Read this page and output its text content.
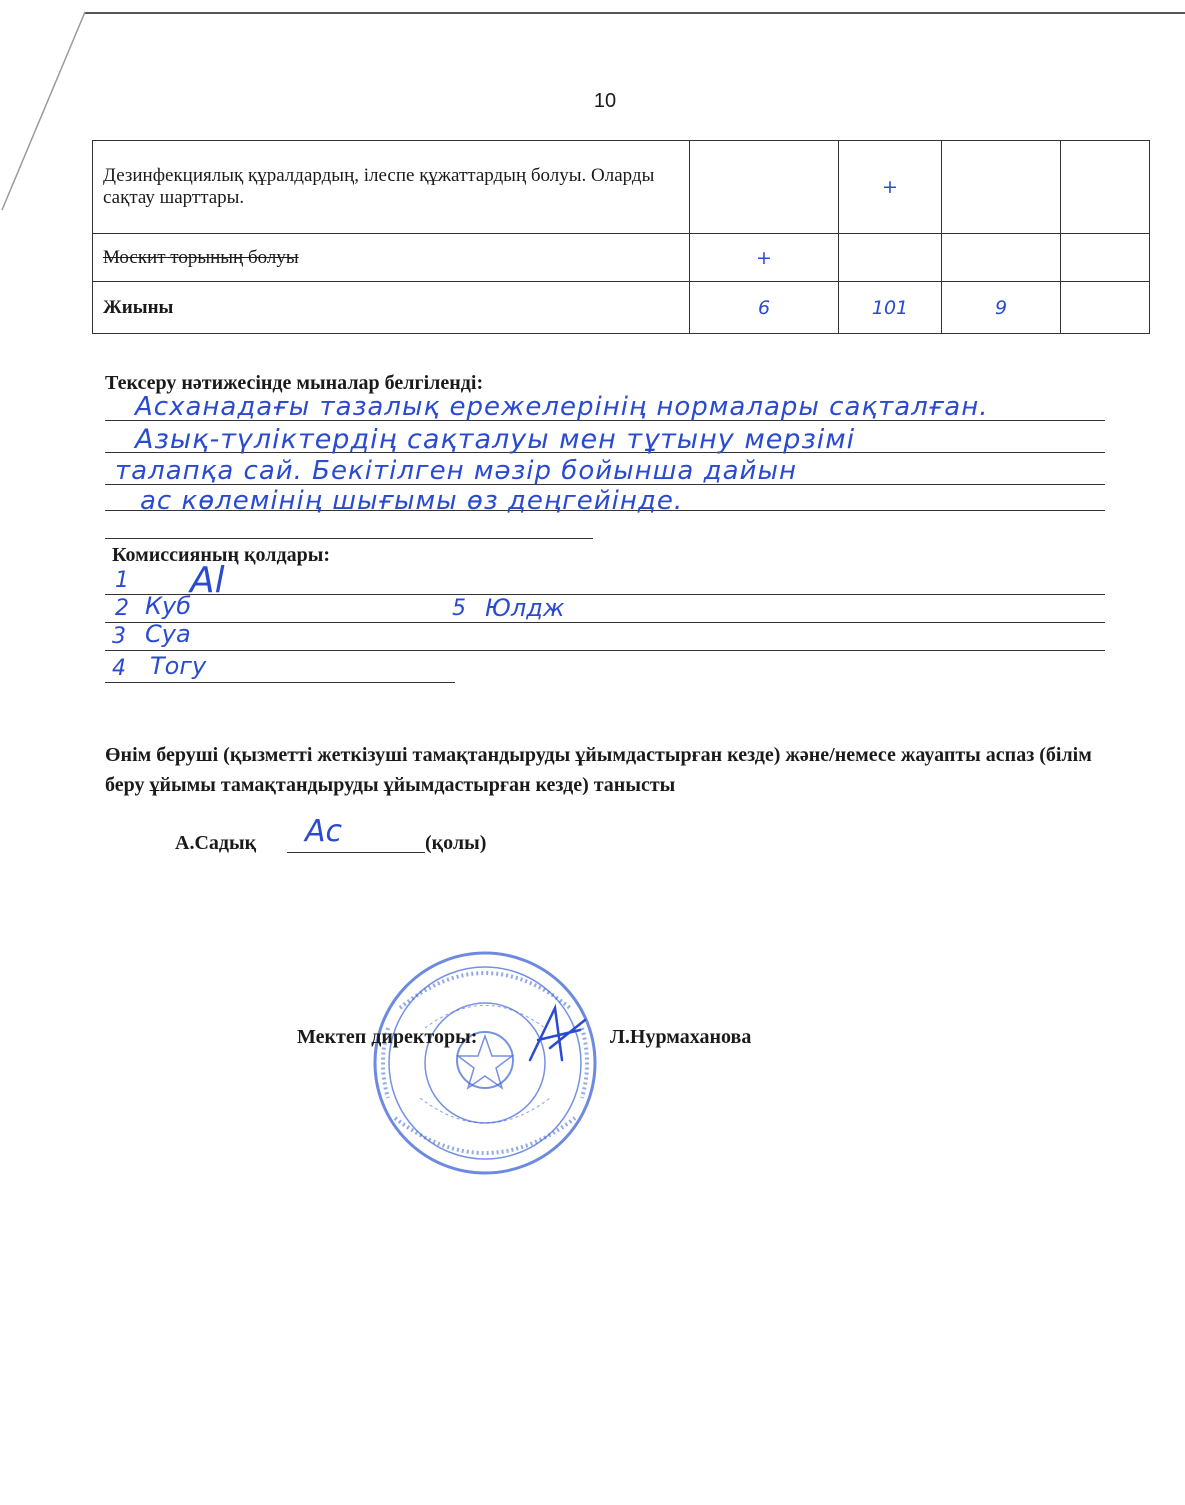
10
Дезинфекциялық құралдардың, ілеспе құжаттардың болуы. Оларды сақтау шарттары.		+		
Москит торының болуы	+			
Жиыны	6	101	9	
Тексеру нәтижесінде мыналар белгіленді:
Асханадағы тазалық ережелерінің нормалары сақталған.
Азық-түліктердің сақталуы мен тұтыну мерзімі
талапқа сай. Бекітілген мәзір бойынша дайын
ас көлемінің шығымы өз деңгейінде.
Комиссияның қолдары:
1 Al
2 Куб
3 Суа
4 Тогу
5 Юлдж
Өнім беруші (қызметті жеткізуші тамақтандыруды ұйымдастырған кезде) және/немесе жауапты аспаз (білім беру ұйымы тамақтандыруды ұйымдастырған кезде) танысты
А.Садық Ас	(қолы)
Мектеп директоры:	Л.Нурмаханова
